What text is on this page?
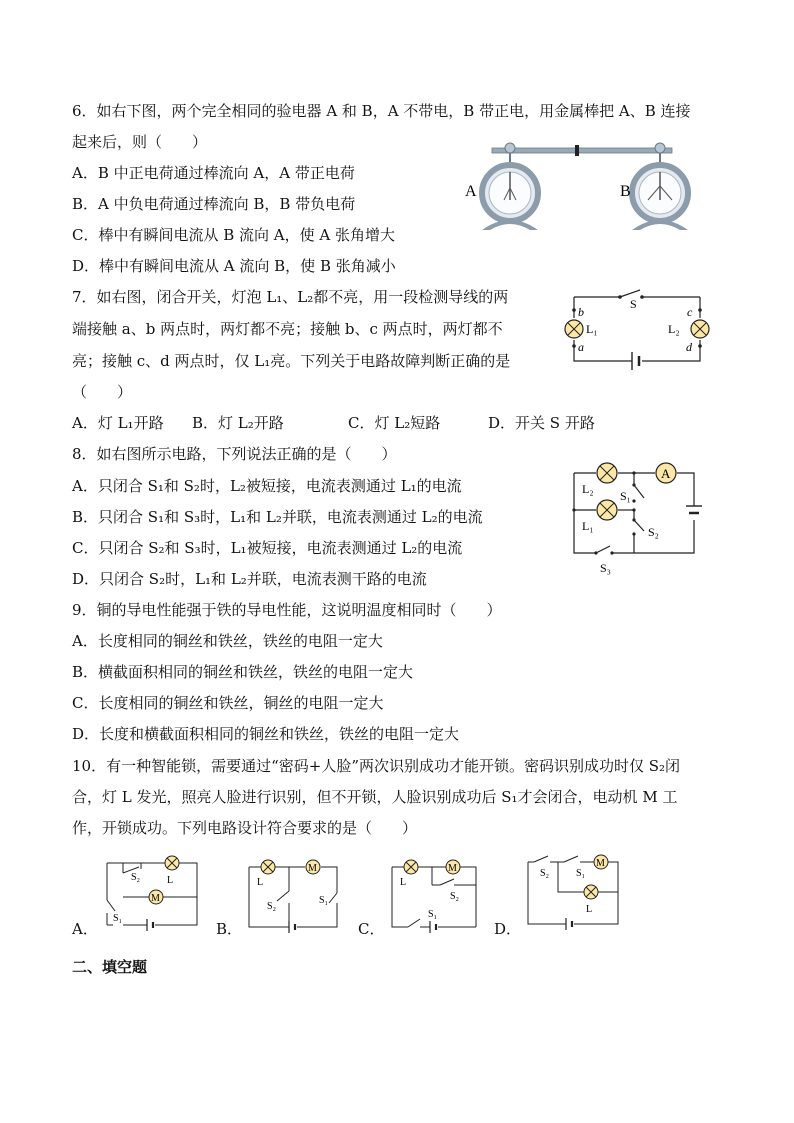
6．如右下图，两个完全相同的验电器 A 和 B，A 不带电，B 带正电，用金属棒把 A、B 连接
起来后，则（　　）
A．B 中正电荷通过棒流向 A，A 带正电荷
B．A 中负电荷通过棒流向 B，B 带负电荷
C．棒中有瞬间电流从 B 流向 A，使 A 张角增大
D．棒中有瞬间电流从 A 流向 B，使 B 张角减小
A	B
7．如右图，闭合开关，灯泡 L₁、L₂都不亮，用一段检测导线的两
端接触 a、b 两点时，两灯都不亮；接触 b、c 两点时，两灯都不
亮；接触 c、d 两点时，仅 L₁亮。下列关于电路故障判断正确的是
（　　）
A．灯 L₁开路 B．灯 L₂开路	C．灯 L₂短路	D．开关 S 开路
S
L₁	L₂
b
a
c
d
8．如右图所示电路，下列说法正确的是（　　）
A．只闭合 S₁和 S₂时，L₂被短接，电流表测通过 L₁的电流
B．只闭合 S₁和 S₃时，L₁和 L₂并联，电流表测通过 L₂的电流
C．只闭合 S₂和 S₃时，L₁被短接，电流表测通过 L₂的电流
D．只闭合 S₂时，L₁和 L₂并联，电流表测干路的电流
A
L₂
L₁
S₁
S₂
S₃
9．铜的导电性能强于铁的导电性能，这说明温度相同时（　　）
A．长度相同的铜丝和铁丝，铁丝的电阻一定大
B．横截面积相同的铜丝和铁丝，铁丝的电阻一定大
C．长度相同的铜丝和铁丝，铜丝的电阻一定大
D．长度和横截面积相同的铜丝和铁丝，铁丝的电阻一定大
10．有一种智能锁，需要通过“密码+人脸”两次识别成功才能开锁。密码识别成功时仅 S₂闭
合，灯 L 发光，照亮人脸进行识别，但不开锁，人脸识别成功后 S₁才会闭合，电动机 M 工
作，开锁成功。下列电路设计符合要求的是（　　）
M
L
S₂
S₁
A．
M
L
S₂
S₁
B．
M
L
S₂
S₁
C．
M
L
S₂	S₁
D．
二、填空题
